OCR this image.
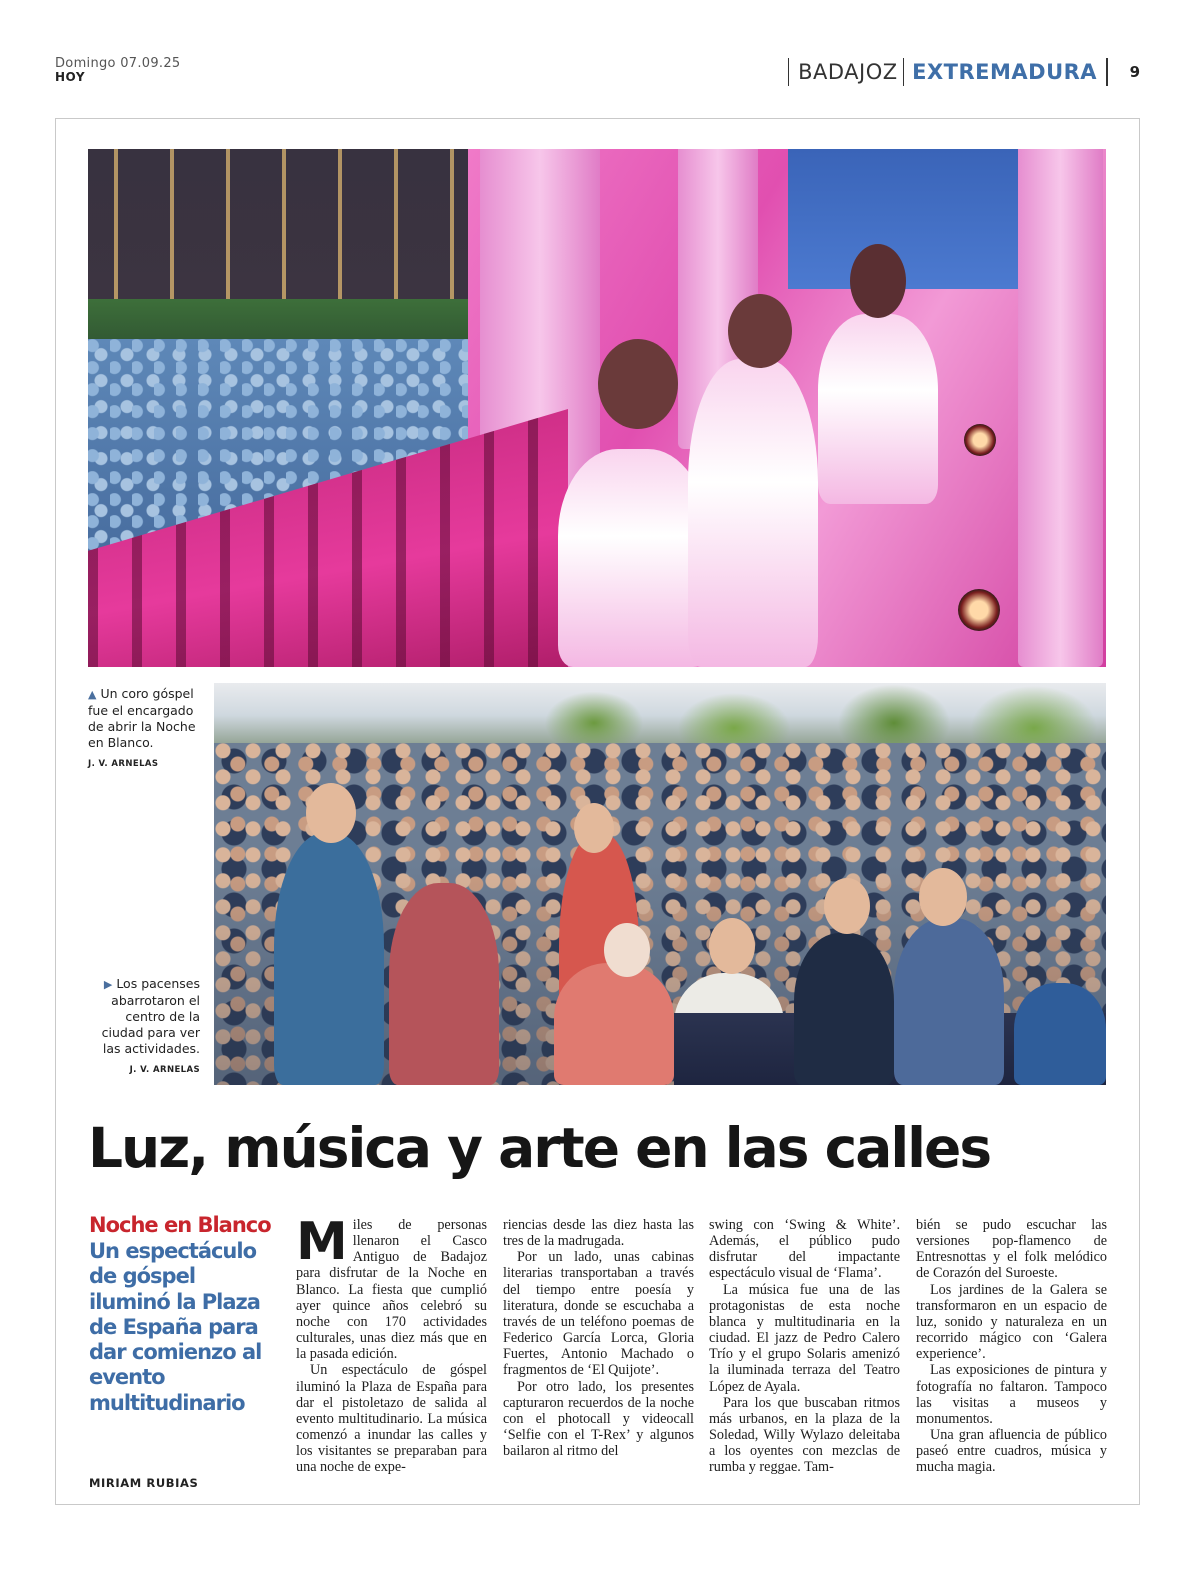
Domingo 07.09.25
HOY	BADAJOZ EXTREMADURA	9
▲ Un coro góspel fue el encargado de abrir la Noche en Blanco.
J. V. ARNELAS
▶ Los pacenses abarrotaron el centro de la ciudad para ver las actividades.
J. V. ARNELAS
Luz, música y arte en las calles
Noche en Blanco
Un espectáculo de góspel iluminó la Plaza de España para dar comienzo al evento multitudinario
MIRIAM RUBIAS

Miles de personas llenaron el Casco Antiguo de Badajoz para disfrutar de la Noche en Blanco. La fiesta que cumplió ayer quince años celebró su noche con 170 actividades culturales, unas diez más que en la pasada edición.

Un espectáculo de góspel iluminó la Plaza de España para dar el pistoletazo de salida al evento multitudinario. La música comenzó a inundar las calles y los visitantes se preparaban para una noche de expe-

riencias desde las diez hasta las tres de la madrugada.

Por un lado, unas cabinas literarias transportaban a través del tiempo entre poesía y literatura, donde se escuchaba a través de un teléfono poemas de Federico García Lorca, Gloria Fuertes, Antonio Machado o fragmentos de ‘El Quijote’.

Por otro lado, los presentes capturaron recuerdos de la noche con el photocall y videocall ‘Selfie con el T-Rex’ y algunos bailaron al ritmo del

swing con ‘Swing & White’. Además, el público pudo disfrutar del impactante espectáculo visual de ‘Flama’.

La música fue una de las protagonistas de esta noche blanca y multitudinaria en la ciudad. El jazz de Pedro Calero Trío y el grupo Solaris amenizó la iluminada terraza del Teatro López de Ayala.

Para los que buscaban ritmos más urbanos, en la plaza de la Soledad, Willy Wylazo deleitaba a los oyentes con mezclas de rumba y reggae. Tam-

bién se pudo escuchar las versiones pop-flamenco de Entresnottas y el folk melódico de Corazón del Suroeste.

Los jardines de la Galera se transformaron en un espacio de luz, sonido y naturaleza en un recorrido mágico con ‘Galera experience’.

Las exposiciones de pintura y fotografía no faltaron. Tampoco las visitas a museos y monumentos.

Una gran afluencia de público paseó entre cuadros, música y mucha magia.
